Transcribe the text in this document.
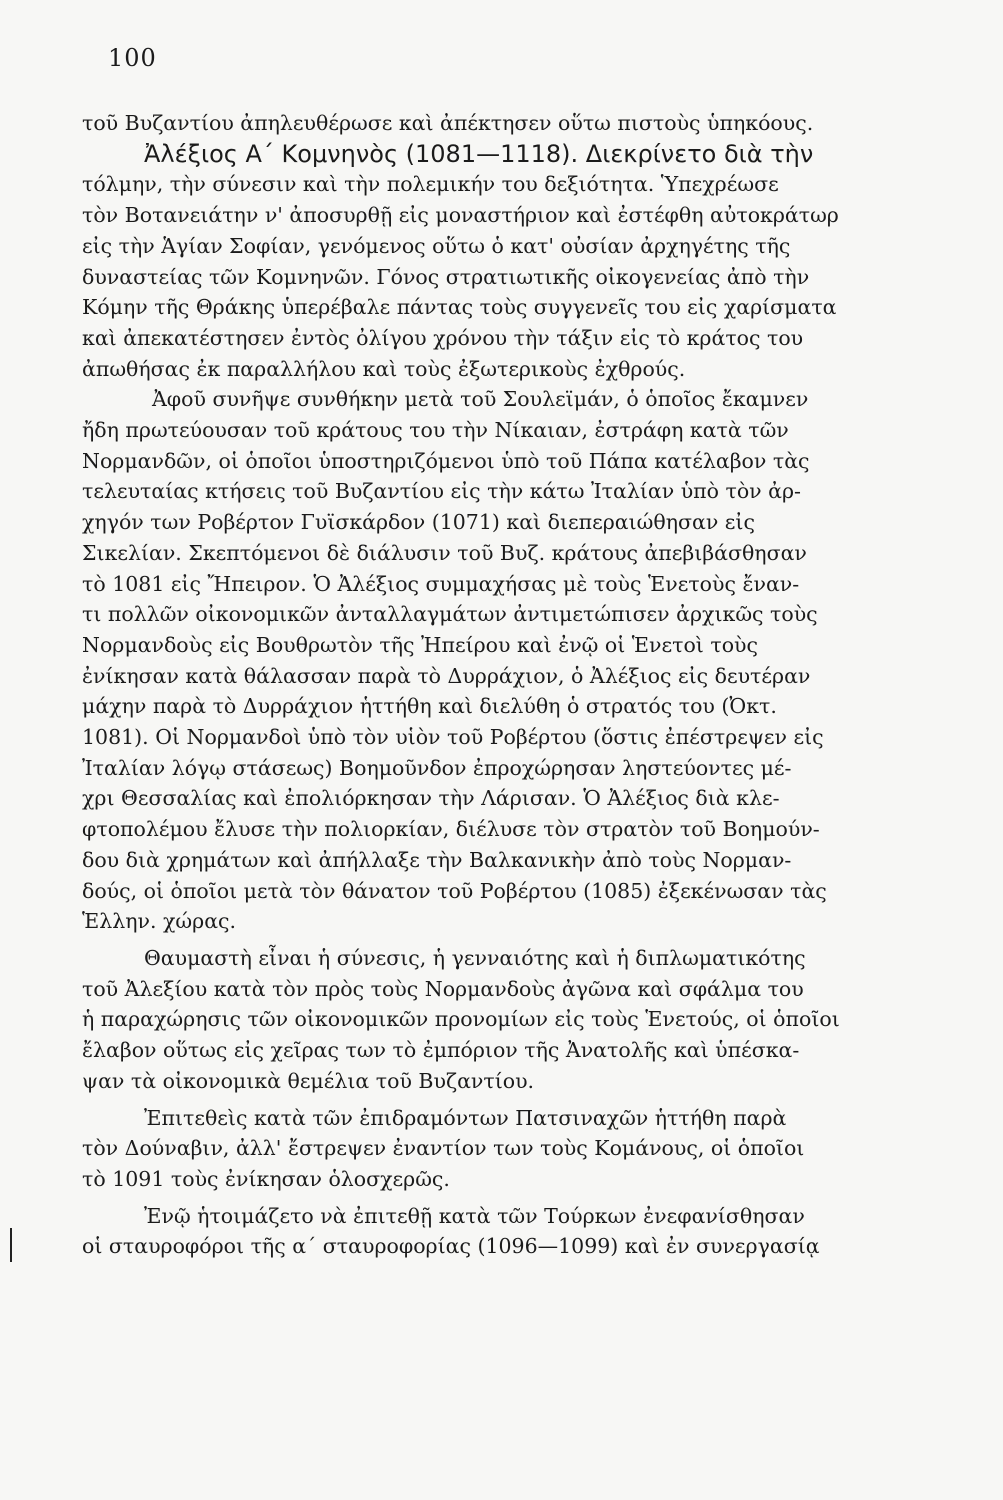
100
τοῦ Βυζαντίου ἀπηλευθέρωσε καὶ ἀπέκτησεν οὕτω πιστοὺς ὑπηκόους.
Ἀλέξιος Α΄ Κομνηνὸς (1081—1118). Διεκρίνετο διὰ τὴν
τόλμην, τὴν σύνεσιν καὶ τὴν πολεμικήν του δεξιότητα. Ὑπεχρέωσε
τὸν Βοτανειάτην ν' ἀποσυρθῇ εἰς μοναστήριον καὶ ἐστέφθη αὐτοκράτωρ
εἰς τὴν Ἁγίαν Σοφίαν, γενόμενος οὕτω ὁ κατ' οὐσίαν ἀρχηγέτης τῆς
δυναστείας τῶν Κομνηνῶν. Γόνος στρατιωτικῆς οἰκογενείας ἀπὸ τὴν
Κόμην τῆς Θράκης ὑπερέβαλε πάντας τοὺς συγγενεῖς του εἰς χαρίσματα
καὶ ἀπεκατέστησεν ἐντὸς ὀλίγου χρόνου τὴν τάξιν εἰς τὸ κράτος του
ἀπωθήσας ἐκ παραλλήλου καὶ τοὺς ἐξωτερικοὺς ἐχθρούς.
Ἀφοῦ συνῆψε συνθήκην μετὰ τοῦ Σουλεϊμάν, ὁ ὁποῖος ἔκαμνεν
ἤδη πρωτεύουσαν τοῦ κράτους του τὴν Νίκαιαν, ἐστράφη κατὰ τῶν
Νορμανδῶν, οἱ ὁποῖοι ὑποστηριζόμενοι ὑπὸ τοῦ Πάπα κατέλαβον τὰς
τελευταίας κτήσεις τοῦ Βυζαντίου εἰς τὴν κάτω Ἰταλίαν ὑπὸ τὸν ἀρ-
χηγόν των Ροβέρτον Γυϊσκάρδον (1071) καὶ διεπεραιώθησαν εἰς
Σικελίαν. Σκεπτόμενοι δὲ διάλυσιν τοῦ Βυζ. κράτους ἀπεβιβάσθησαν
τὸ 1081 εἰς Ἤπειρον. Ὁ Ἀλέξιος συμμαχήσας μὲ τοὺς Ἑνετοὺς ἔναν-
τι πολλῶν οἰκονομικῶν ἀνταλλαγμάτων ἀντιμετώπισεν ἀρχικῶς τοὺς
Νορμανδοὺς εἰς Βουθρωτὸν τῆς Ἠπείρου καὶ ἐνῷ οἱ Ἑνετοὶ τοὺς
ἐνίκησαν κατὰ θάλασσαν παρὰ τὸ Δυρράχιον, ὁ Ἀλέξιος εἰς δευτέραν
μάχην παρὰ τὸ Δυρράχιον ἡττήθη καὶ διελύθη ὁ στρατός του (Ὀκτ.
1081). Οἱ Νορμανδοὶ ὑπὸ τὸν υἱὸν τοῦ Ροβέρτου (ὅστις ἐπέστρεψεν εἰς
Ἰταλίαν λόγῳ στάσεως) Βοημοῦνδον ἐπροχώρησαν ληστεύοντες μέ-
χρι Θεσσαλίας καὶ ἐπολιόρκησαν τὴν Λάρισαν. Ὁ Ἀλέξιος διὰ κλε-
φτοπολέμου ἔλυσε τὴν πολιορκίαν, διέλυσε τὸν στρατὸν τοῦ Βοημούν-
δου διὰ χρημάτων καὶ ἀπήλλαξε τὴν Βαλκανικὴν ἀπὸ τοὺς Νορμαν-
δούς, οἱ ὁποῖοι μετὰ τὸν θάνατον τοῦ Ροβέρτου (1085) ἐξεκένωσαν τὰς
Ἑλλην. χώρας.
Θαυμαστὴ εἶναι ἡ σύνεσις, ἡ γενναιότης καὶ ἡ διπλωματικότης
τοῦ Ἀλεξίου κατὰ τὸν πρὸς τοὺς Νορμανδοὺς ἀγῶνα καὶ σφάλμα του
ἡ παραχώρησις τῶν οἰκονομικῶν προνομίων εἰς τοὺς Ἑνετούς, οἱ ὁποῖοι
ἔλαβον οὕτως εἰς χεῖρας των τὸ ἐμπόριον τῆς Ἀνατολῆς καὶ ὑπέσκα-
ψαν τὰ οἰκονομικὰ θεμέλια τοῦ Βυζαντίου.
Ἐπιτεθεὶς κατὰ τῶν ἐπιδραμόντων Πατσιναχῶν ἡττήθη παρὰ
τὸν Δούναβιν, ἀλλ' ἔστρεψεν ἐναντίον των τοὺς Κομάνους, οἱ ὁποῖοι
τὸ 1091 τοὺς ἐνίκησαν ὁλοσχερῶς.
Ἐνῷ ἡτοιμάζετο νὰ ἐπιτεθῇ κατὰ τῶν Τούρκων ἐνεφανίσθησαν
οἱ σταυροφόροι τῆς α΄ σταυροφορίας (1096—1099) καὶ ἐν συνεργασίᾳ
